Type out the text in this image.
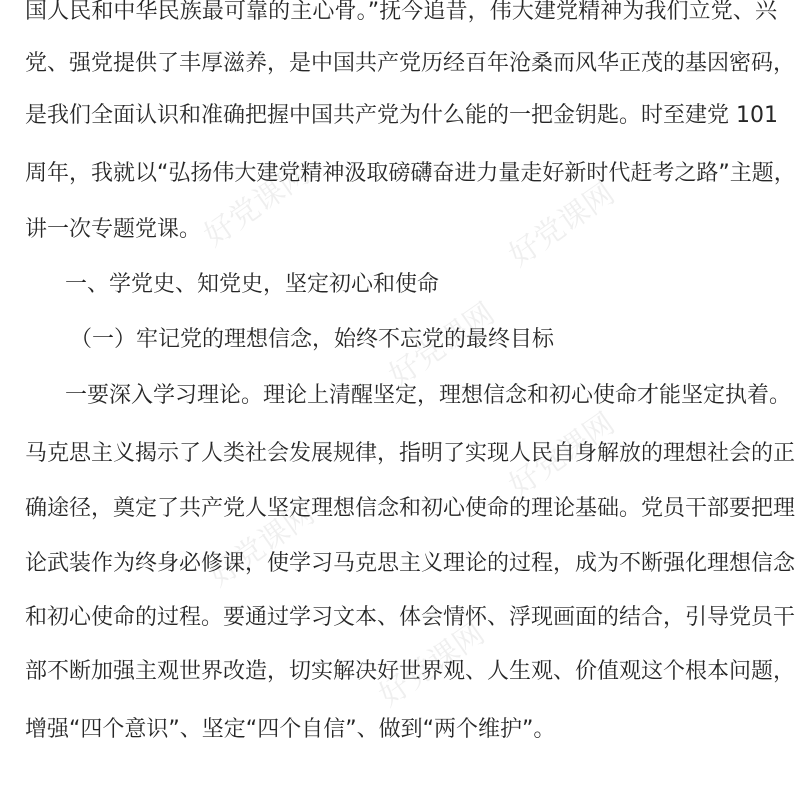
好党课网	好党课网
好党课网
好党课网
好党课网
好党课网
国人民和中华民族最可靠的主心骨。”抚今追昔，伟大建党精神为我们立党、兴
党、强党提供了丰厚滋养，是中国共产党历经百年沧桑而风华正茂的基因密码，
是我们全面认识和准确把握中国共产党为什么能的一把金钥匙。时至建党 101
周年，我就以“弘扬伟大建党精神汲取磅礴奋进力量走好新时代赶考之路”主题，
讲一次专题党课。
一、学党史、知党史，坚定初心和使命
（一）牢记党的理想信念，始终不忘党的最终目标
一要深入学习理论。理论上清醒坚定，理想信念和初心使命才能坚定执着。
马克思主义揭示了人类社会发展规律，指明了实现人民自身解放的理想社会的正
确途径，奠定了共产党人坚定理想信念和初心使命的理论基础。党员干部要把理
论武装作为终身必修课，使学习马克思主义理论的过程，成为不断强化理想信念
和初心使命的过程。要通过学习文本、体会情怀、浮现画面的结合，引导党员干
部不断加强主观世界改造，切实解决好世界观、人生观、价值观这个根本问题，
增强“四个意识”、坚定“四个自信”、做到“两个维护”。
